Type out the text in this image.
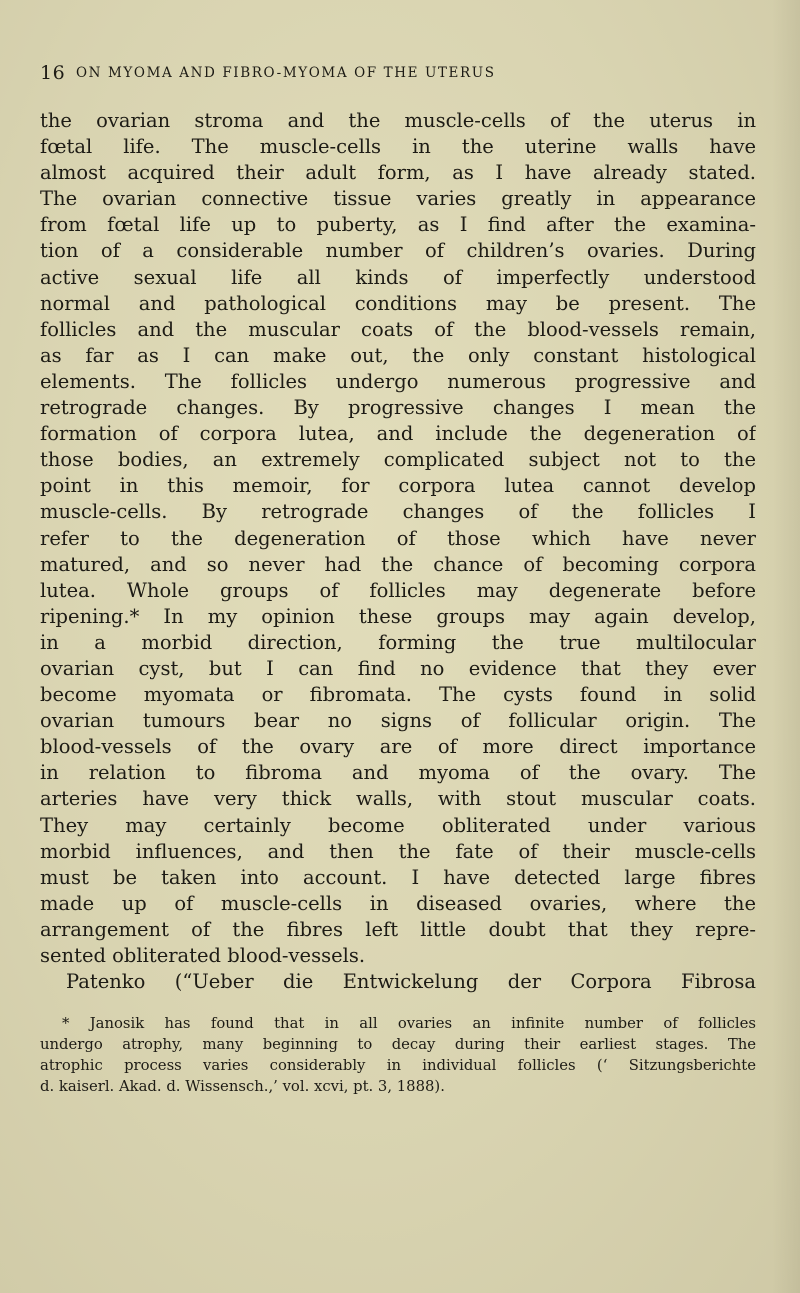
16 ON MYOMA AND FIBRO-MYOMA OF THE UTERUS
the ovarian stroma and the muscle-cells of the uterus in
fœtal life. The muscle-cells in the uterine walls have
almost acquired their adult form, as I have already stated.
The ovarian connective tissue varies greatly in appearance
from fœtal life up to puberty, as I find after the examina-
tion of a considerable number of children’s ovaries. During
active sexual life all kinds of imperfectly understood
normal and pathological conditions may be present. The
follicles and the muscular coats of the blood-vessels remain,
as far as I can make out, the only constant histological
elements. The follicles undergo numerous progressive and
retrograde changes. By progressive changes I mean the
formation of corpora lutea, and include the degeneration of
those bodies, an extremely complicated subject not to the
point in this memoir, for corpora lutea cannot develop
muscle-cells. By retrograde changes of the follicles I
refer to the degeneration of those which have never
matured, and so never had the chance of becoming corpora
lutea. Whole groups of follicles may degenerate before
ripening.* In my opinion these groups may again develop,
in a morbid direction, forming the true multilocular
ovarian cyst, but I can find no evidence that they ever
become myomata or fibromata. The cysts found in solid
ovarian tumours bear no signs of follicular origin. The
blood-vessels of the ovary are of more direct importance
in relation to fibroma and myoma of the ovary. The
arteries have very thick walls, with stout muscular coats.
They may certainly become obliterated under various
morbid influences, and then the fate of their muscle-cells
must be taken into account. I have detected large fibres
made up of muscle-cells in diseased ovaries, where the
arrangement of the fibres left little doubt that they repre-
sented obliterated blood-vessels.
Patenko (“Ueber die Entwickelung der Corpora Fibrosa
* Janosik has found that in all ovaries an infinite number of follicles
undergo atrophy, many beginning to decay during their earliest stages. The
atrophic process varies considerably in individual follicles (‘ Sitzungsberichte
d. kaiserl. Akad. d. Wissensch.,’ vol. xcvi, pt. 3, 1888).
